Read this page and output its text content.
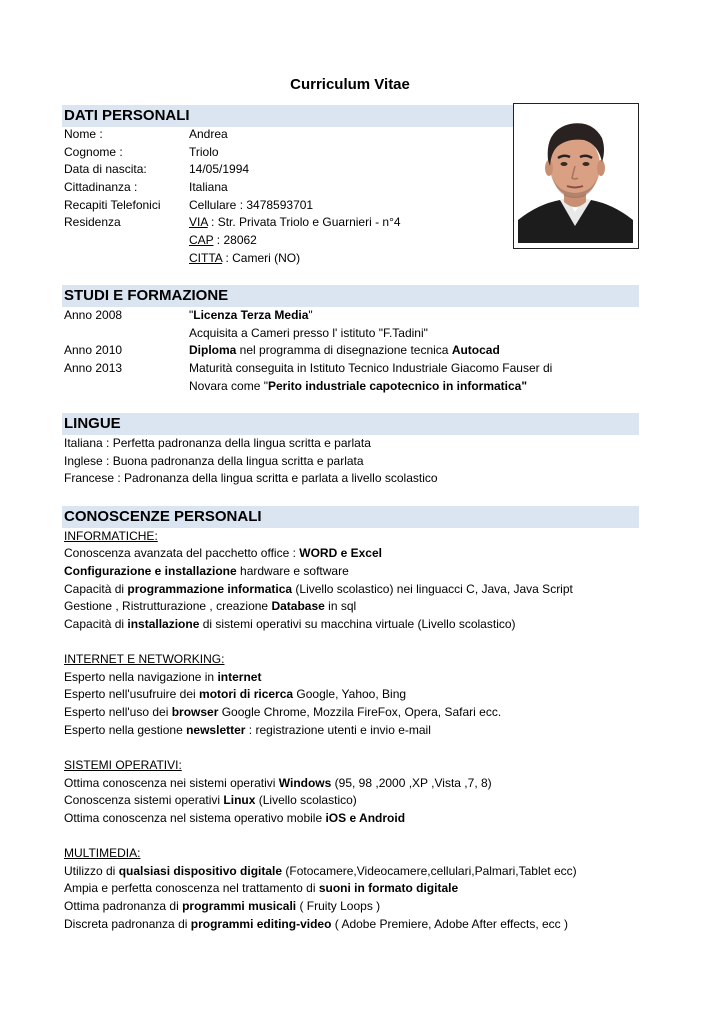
Curriculum Vitae
DATI PERSONALI
Nome :	Andrea
Cognome :	Triolo
Data di nascita:	14/05/1994
Cittadinanza :	Italiana
Recapiti Telefonici Cellulare : 3478593701
Residenza	VIA : Str. Privata Triolo e Guarnieri - n°4
CAP : 28062
CITTA : Cameri (NO)
STUDI E FORMAZIONE
Anno 2008	"Licenza Terza Media"
Acquisita a Cameri presso l' istituto "F.Tadini"
Anno 2010	Diploma nel programma di disegnazione tecnica Autocad
Anno 2013	Maturità conseguita in Istituto Tecnico Industriale Giacomo Fauser di
Novara come "Perito industriale capotecnico in informatica"
LINGUE
Italiana : Perfetta padronanza della lingua scritta e parlata
Inglese : Buona padronanza della lingua scritta e parlata
Francese : Padronanza della lingua scritta e parlata a livello scolastico
CONOSCENZE PERSONALI
INFORMATICHE:
Conoscenza avanzata del pacchetto office : WORD e Excel
Configurazione e installazione hardware e software
Capacità di programmazione informatica (Livello scolastico) nei linguacci C, Java, Java Script
Gestione , Ristrutturazione , creazione Database in sql
Capacità di installazione di sistemi operativi su macchina virtuale (Livello scolastico)
INTERNET E NETWORKING:
Esperto nella navigazione in internet
Esperto nell'usufruire dei motori di ricerca Google, Yahoo, Bing
Esperto nell'uso dei browser Google Chrome, Mozzila FireFox, Opera, Safari ecc.
Esperto nella gestione newsletter : registrazione utenti e invio e-mail
SISTEMI OPERATIVI:
Ottima conoscenza nei sistemi operativi Windows (95, 98 ,2000 ,XP ,Vista ,7, 8)
Conoscenza sistemi operativi Linux (Livello scolastico)
Ottima conoscenza nel sistema operativo mobile iOS e Android
MULTIMEDIA:
Utilizzo di qualsiasi dispositivo digitale (Fotocamere,Videocamere,cellulari,Palmari,Tablet ecc)
Ampia e perfetta conoscenza nel trattamento di suoni in formato digitale
Ottima padronanza di programmi musicali ( Fruity Loops )
Discreta padronanza di programmi editing-video ( Adobe Premiere, Adobe After effects, ecc )
